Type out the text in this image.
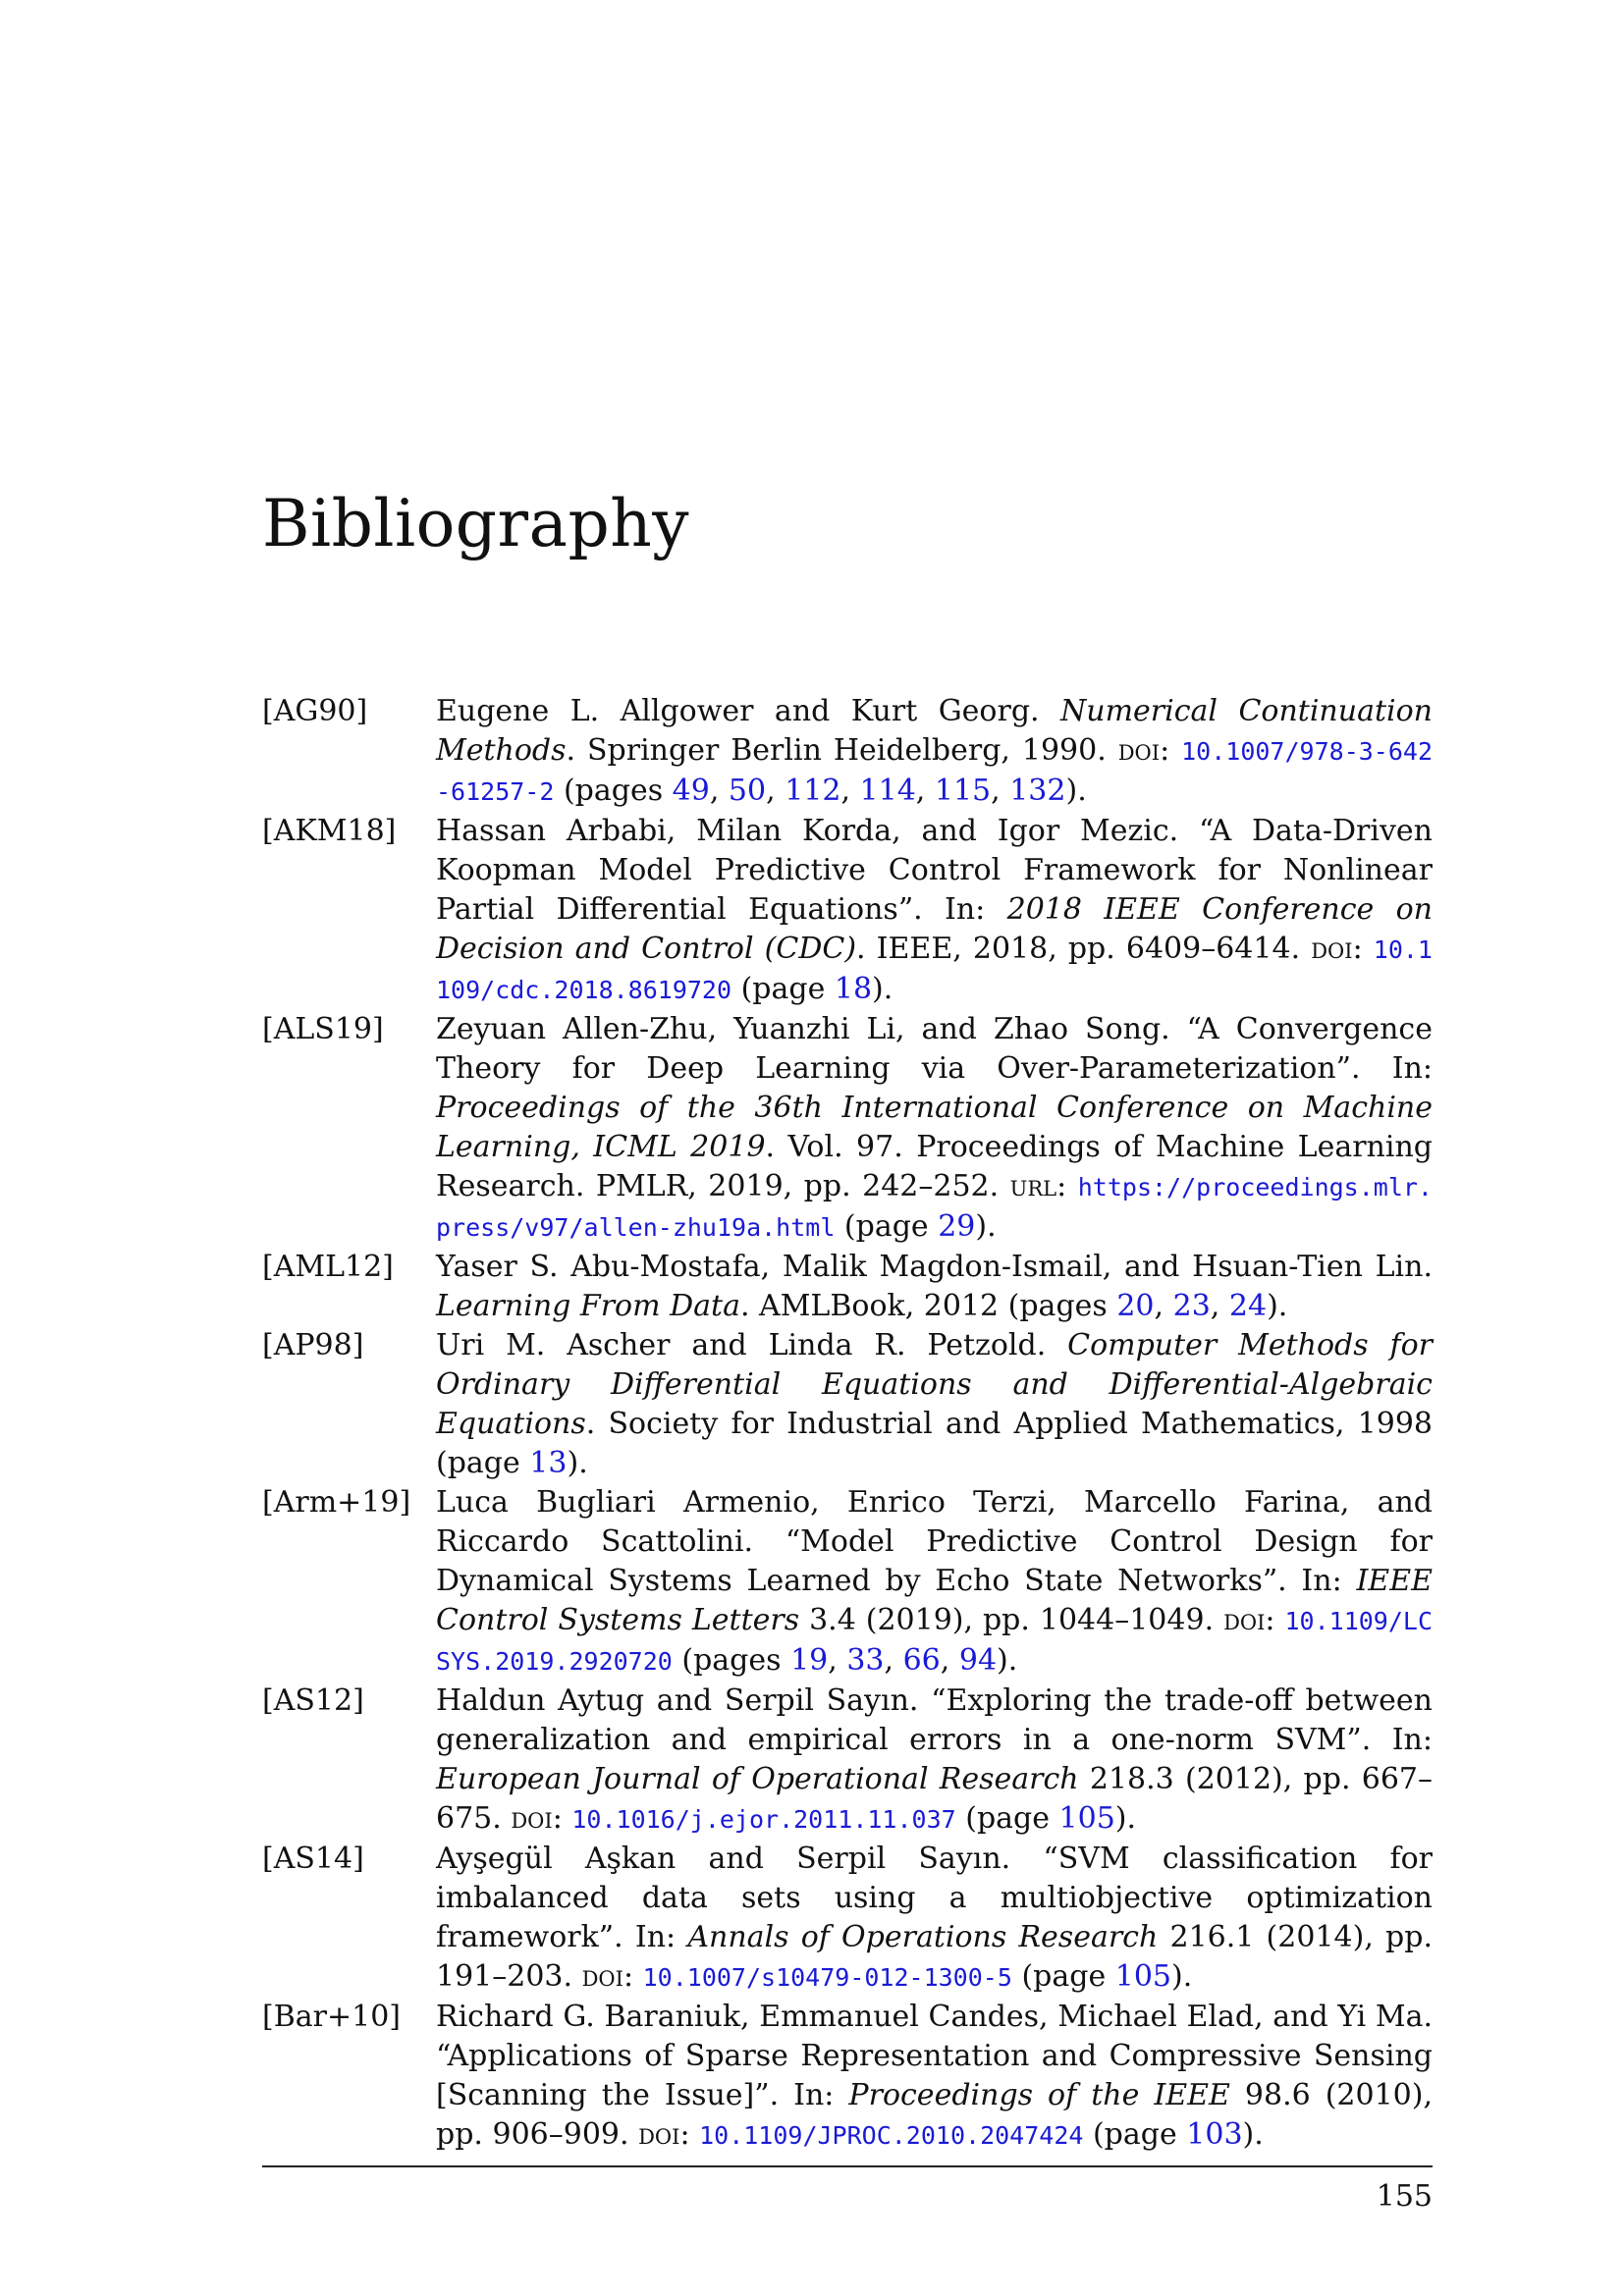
Bibliography
[AG90] Eugene L. Allgower and Kurt Georg. Numerical Continuation Methods. Springer Berlin Heidelberg, 1990. doi: 10.1007/978-3-642-61257-2 (pages 49, 50, 112, 114, 115, 132).
[AKM18] Hassan Arbabi, Milan Korda, and Igor Mezic. “A Data-Driven Koopman Model Predictive Control Framework for Nonlinear Partial Differential Equations”. In: 2018 IEEE Conference on Decision and Control (CDC). IEEE, 2018, pp. 6409–6414. doi: 10.1109/cdc.2018.8619720 (page 18).
[ALS19] Zeyuan Allen-Zhu, Yuanzhi Li, and Zhao Song. “A Convergence Theory for Deep Learning via Over-Parameterization”. In: Proceedings of the 36th International Conference on Machine Learning, ICML 2019. Vol. 97. Proceedings of Machine Learning Research. PMLR, 2019, pp. 242–252. url: https://proceedings.mlr.press/v97/allen-zhu19a.html (page 29).
[AML12] Yaser S. Abu-Mostafa, Malik Magdon-Ismail, and Hsuan-Tien Lin. Learning From Data. AMLBook, 2012 (pages 20, 23, 24).
[AP98] Uri M. Ascher and Linda R. Petzold. Computer Methods for Ordinary Differential Equations and Differential-Algebraic Equations. Society for Industrial and Applied Mathematics, 1998 (page 13).
[Arm+19] Luca Bugliari Armenio, Enrico Terzi, Marcello Farina, and Riccardo Scattolini. “Model Predictive Control Design for Dynamical Systems Learned by Echo State Networks”. In: IEEE Control Systems Letters 3.4 (2019), pp. 1044–1049. doi: 10.1109/LCSYS.2019.2920720 (pages 19, 33, 66, 94).
[AS12] Haldun Aytug and Serpil Sayın. “Exploring the trade-off between generalization and empirical errors in a one-norm SVM”. In: European Journal of Operational Research 218.3 (2012), pp. 667–675. doi: 10.1016/j.ejor.2011.11.037 (page 105).
[AS14] Ayşegül Aşkan and Serpil Sayın. “SVM classification for imbalanced data sets using a multiobjective optimization framework”. In: Annals of Operations Research 216.1 (2014), pp. 191–203. doi: 10.1007/s10479-012-1300-5 (page 105).
[Bar+10] Richard G. Baraniuk, Emmanuel Candes, Michael Elad, and Yi Ma. “Applications of Sparse Representation and Compressive Sensing [Scanning the Issue]”. In: Proceedings of the IEEE 98.6 (2010), pp. 906–909. doi: 10.1109/JPROC.2010.2047424 (page 103).
155
